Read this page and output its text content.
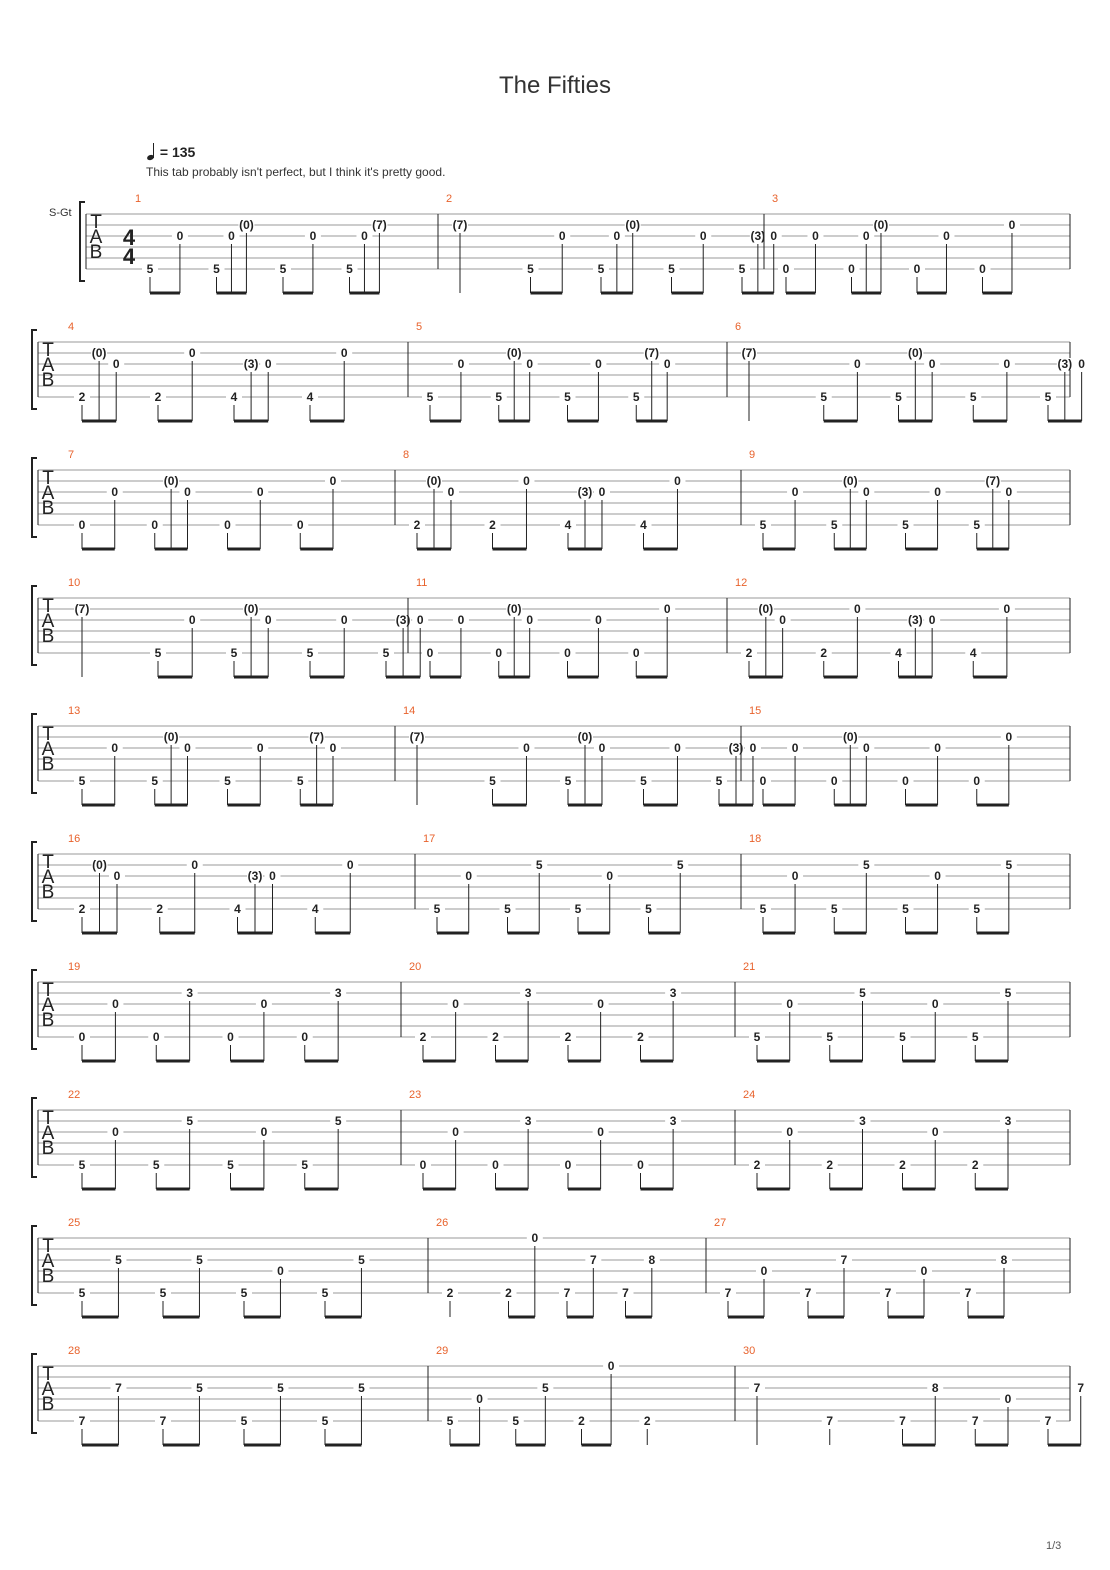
The Fifties
= 135
This tab probably isn't perfect, but I think it's pretty good.
S-Gt
1/3
T
A
B
4
4
1
5
0
5
0
(0)
5
0
5
0
(7)
2
(7)
5
0
5
0
(0)
5
0
5
(3) 0
3
0
0
0
0
(0)
0
0
0
0
T
A
B
4
2
(0)
0
2
0
4
(3) 0
4
0
5
5
0
5
(0)
0
5
0
5
(7)
0
6
(7)
5
0
5
(0)
0
5
0
5
(3) 0
T
A
B
7
0
0
0
(0)
0
0
0
0
0
8
2
(0)
0
2
0
4
(3) 0
4
0
9
5
0
5
(0)
0
5
0
5
(7)
0
T
A
B
10
(7)
5
0
5
(0)
0
5
0
5
(3) 0
11
0
0
0
(0)
0
0
0
0
0
12
2
(0)
0
2
0
4
(3) 0
4
0
T
A
B
13
5
0
5
(0)
0
5
0
5
(7)
0
14
(7)
5
0
5
(0)
0
5
0
5
(3) 0
15
0
0
0
(0)
0
0
0
0
0
T
A
B
16
2
(0)
0
2
0
4
(3) 0
4
0
17
5
0
5
5
5
0
5
5
18
5
0
5
5
5
0
5
5
T
A
B
19
0
0
0
3
0
0
0
3
20
2
0
2
3
2
0
2
3
21
5
0
5
5
5
0
5
5
T
A
B
22
5
0
5
5
5
0
5
5
23
0
0
0
3
0
0
0
3
24
2
0
2
3
2
0
2
3
T
A
B
25
5
5
5
5
5
0
5
5
26
2	2
0
7
7
7
8
27
7
0
7
7
7
0
7
8
T
A
B
28
7
7
7
5
5
5
5
5
29
5
0
5
5
2
0
2
30
7
7	7
8
7
0
7
7
